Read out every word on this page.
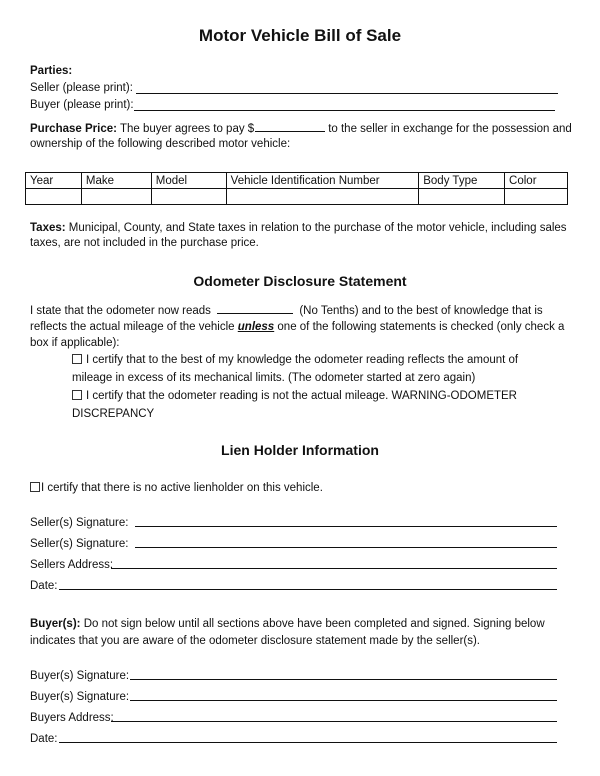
Motor Vehicle Bill of Sale
Parties:
Seller (please print):
Buyer (please print):
Purchase Price: The buyer agrees to pay $	to the seller in exchange for the possession and
ownership of the following described motor vehicle:
Year	Make	Model	Vehicle Identification Number	Body Type	Color

Taxes: Municipal, County, and State taxes in relation to the purchase of the motor vehicle, including sales
taxes, are not included in the purchase price.
Odometer Disclosure Statement
I state that the odometer now reads	(No Tenths) and to the best of knowledge that is
reflects the actual mileage of the vehicle unless one of the following statements is checked (only check a
box if applicable):
I certify that to the best of my knowledge the odometer reading reflects the amount of
mileage in excess of its mechanical limits. (The odometer started at zero again)
I certify that the odometer reading is not the actual mileage. WARNING-ODOMETER
DISCREPANCY
Lien Holder Information
I certify that there is no active lienholder on this vehicle.
Seller(s) Signature:
Seller(s) Signature:
Sellers Address:
Date:
Buyer(s): Do not sign below until all sections above have been completed and signed. Signing below
indicates that you are aware of the odometer disclosure statement made by the seller(s).
Buyer(s) Signature:
Buyer(s) Signature:
Buyers Address:
Date:
